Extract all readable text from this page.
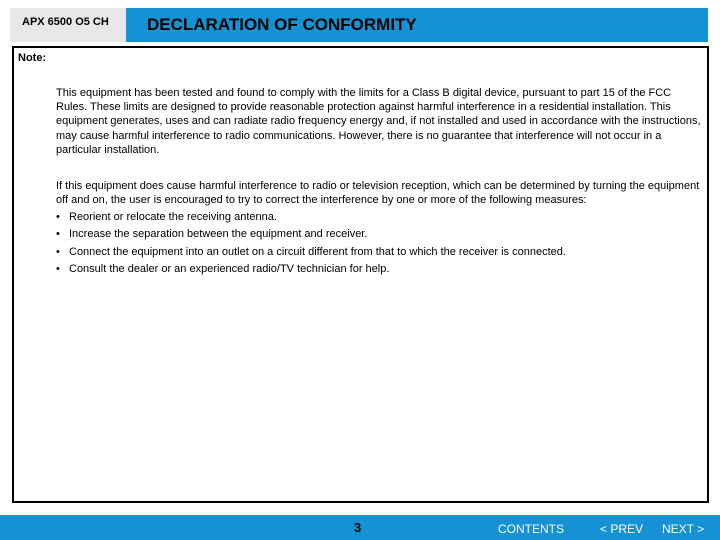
APX 6500 O5 CH DECLARATION OF CONFORMITY
Note:

This equipment has been tested and found to comply with the limits for a Class B digital device, pursuant to part 15 of the FCC Rules. These limits are designed to provide reasonable protection against harmful interference in a residential installation. This equipment generates, uses and can radiate radio frequency energy and, if not installed and used in accordance with the instructions, may cause harmful interference to radio communications. However, there is no guarantee that interference will not occur in a particular installation.

If this equipment does cause harmful interference to radio or television reception, which can be determined by turning the equipment off and on, the user is encouraged to try to correct the interference by one or more of the following measures:

• Reorient or relocate the receiving antenna.
• Increase the separation between the equipment and receiver.
• Connect the equipment into an outlet on a circuit different from that to which the receiver is connected.
• Consult the dealer or an experienced radio/TV technician for help.
3	CONTENTS	< PREV NEXT >
